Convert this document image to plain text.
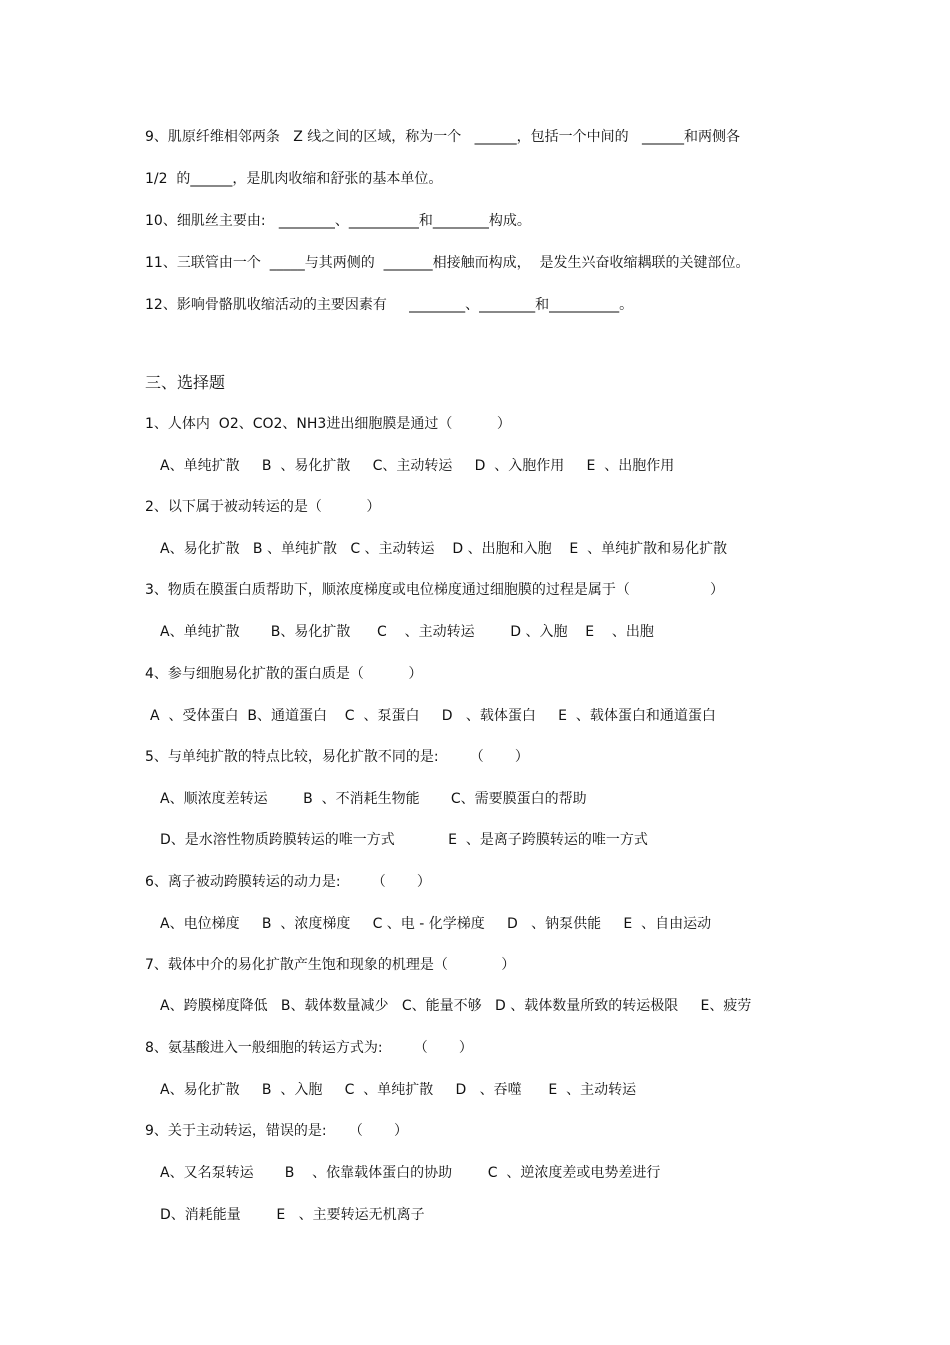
9、肌原纤维相邻两条   Z 线之间的区域，称为一个   ______，包括一个中间的   ______和两侧各
1/2  的______，是肌肉收缩和舒张的基本单位。
10、细肌丝主要由:   ________、__________和________构成。
11、三联管由一个  _____与其两侧的  _______相接触而构成，  是发生兴奋收缩耦联的关键部位。
12、影响骨骼肌收缩活动的主要因素有     ________、________和__________。
三、选择题
1、人体内  O2、CO2、NH3进出细胞膜是通过（          ）
A、单纯扩散     B  、易化扩散     C、主动转运     D  、入胞作用     E  、出胞作用
2、以下属于被动转运的是（          ）
A、易化扩散   B 、单纯扩散   C 、主动转运    D 、出胞和入胞    E  、单纯扩散和易化扩散
3、物质在膜蛋白质帮助下，顺浓度梯度或电位梯度通过细胞膜的过程是属于（                  ）
A、单纯扩散       B、易化扩散      C    、主动转运        D 、入胞    E    、出胞
4、参与细胞易化扩散的蛋白质是（          ）
A  、受体蛋白  B、通道蛋白    C  、泵蛋白     D   、载体蛋白     E  、载体蛋白和通道蛋白
5、与单纯扩散的特点比较，易化扩散不同的是:       （       ）
A、顺浓度差转运        B  、不消耗生物能       C、需要膜蛋白的帮助
D、是水溶性物质跨膜转运的唯一方式            E  、是离子跨膜转运的唯一方式
6、离子被动跨膜转运的动力是:       （       ）
A、电位梯度     B  、浓度梯度     C 、电 - 化学梯度     D   、钠泵供能     E  、自由运动
7、载体中介的易化扩散产生饱和现象的机理是（            ）
A、跨膜梯度降低   B、载体数量减少   C、能量不够   D 、载体数量所致的转运极限     E、疲劳
8、氨基酸进入一般细胞的转运方式为:       （       ）
A、易化扩散     B  、入胞     C  、单纯扩散     D   、吞噬      E  、主动转运
9、关于主动转运，错误的是:     （       ）
A、又名泵转运       B    、依靠载体蛋白的协助        C  、逆浓度差或电势差进行
D、消耗能量        E   、主要转运无机离子
